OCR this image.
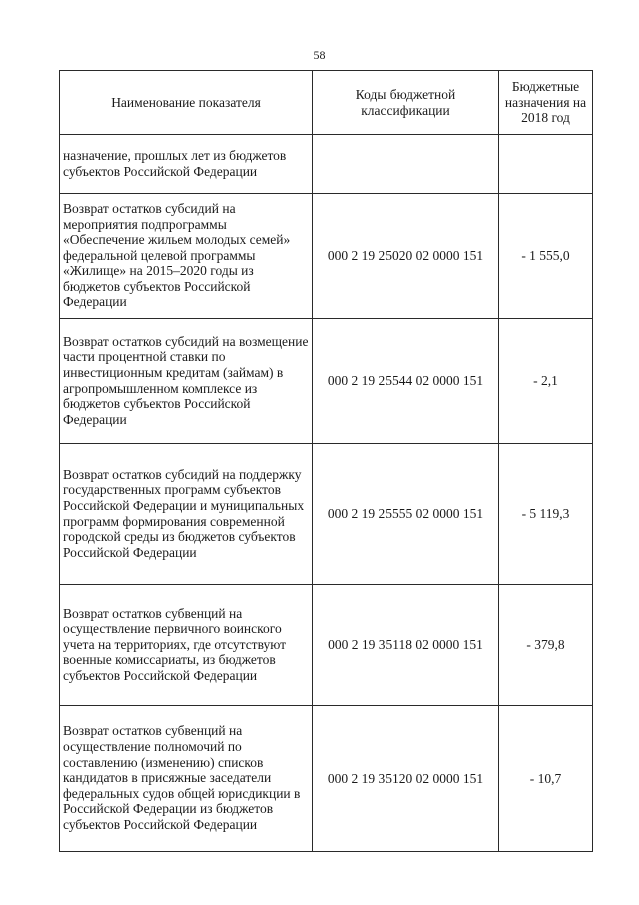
58
Наименование показателя	Коды бюджетной классификации	Бюджетные назначения на 2018 год
назначение, прошлых лет из бюджетов субъектов Российской Федерации		
Возврат остатков субсидий на мероприятия подпрограммы «Обеспечение жильем молодых семей» федеральной целевой программы «Жилище» на 2015–2020 годы из бюджетов субъектов Российской Федерации	000 2 19 25020 02 0000 151	- 1 555,0
Возврат остатков субсидий на возмещение части процентной ставки по инвестиционным кредитам (займам) в агропромышленном комплексе из бюджетов субъектов Российской Федерации	000 2 19 25544 02 0000 151	- 2,1
Возврат остатков субсидий на поддержку государственных программ субъектов Российской Федерации и муниципальных программ формирования современной городской среды из бюджетов субъектов Российской Федерации	000 2 19 25555 02 0000 151	- 5 119,3
Возврат остатков субвенций на осуществление первичного воинского учета на территориях, где отсутствуют военные комиссариаты, из бюджетов субъектов Российской Федерации	000 2 19 35118 02 0000 151	- 379,8
Возврат остатков субвенций на осуществление полномочий по составлению (изменению) списков кандидатов в присяжные заседатели федеральных судов общей юрисдикции в Российской Федерации из бюджетов субъектов Российской Федерации	000 2 19 35120 02 0000 151	- 10,7
